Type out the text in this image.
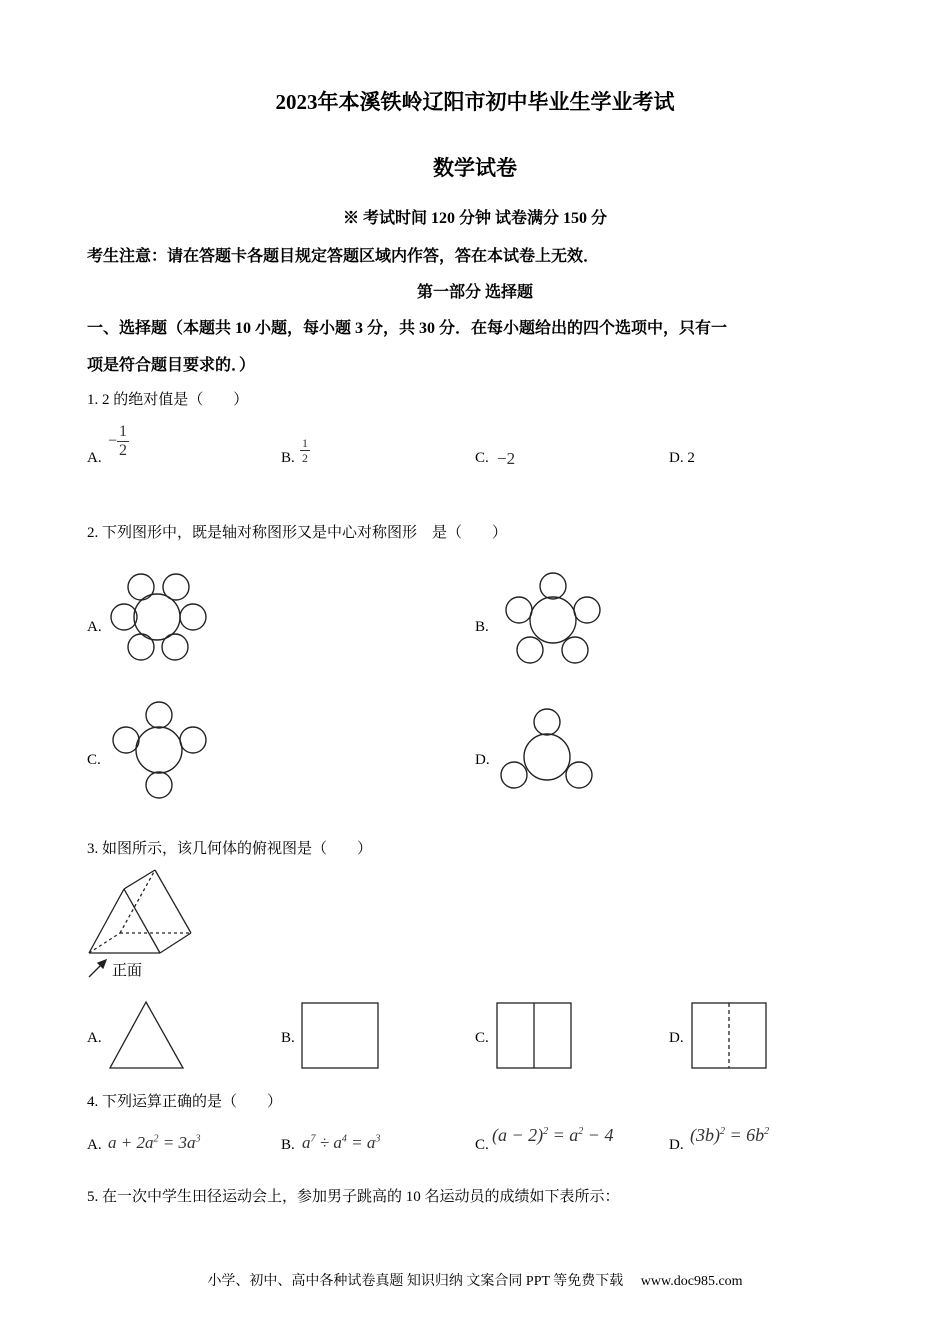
2023年本溪铁岭辽阳市初中毕业生学业考试
数学试卷
※ 考试时间 120 分钟 试卷满分 150 分
考生注意：请在答题卡各题目规定答题区域内作答，答在本试卷上无效．
第一部分 选择题
一、选择题（本题共 10 小题，每小题 3 分，共 30 分．在每小题给出的四个选项中，只有一
项是符合题目要求的．）
1. 2 的绝对值是（　　）
A.
− $\frac{1}{2}$	B. $\frac{1}{2}$	C. −2	D. 2
2. 下列图形中，既是轴对称图形又是中心对称图形　是（　　）
A.	B.
C.	D.
3. 如图所示，该几何体的俯视图是（　　）
正面
A.	B.	C.	D.
4. 下列运算正确的是（　　）
A. $a + 2a^2 = 3a^3$	B. $a^7 \div a^4 = a^3$	C. $(a - 2)^2 = a^2 - 4$	D. $(3b)^2 = 6b^2$
5. 在一次中学生田径运动会上，参加男子跳高的 10 名运动员的成绩如下表所示：
小学、初中、高中各种试卷真题 知识归纳 文案合同 PPT 等免费下载　 www.doc985.com
